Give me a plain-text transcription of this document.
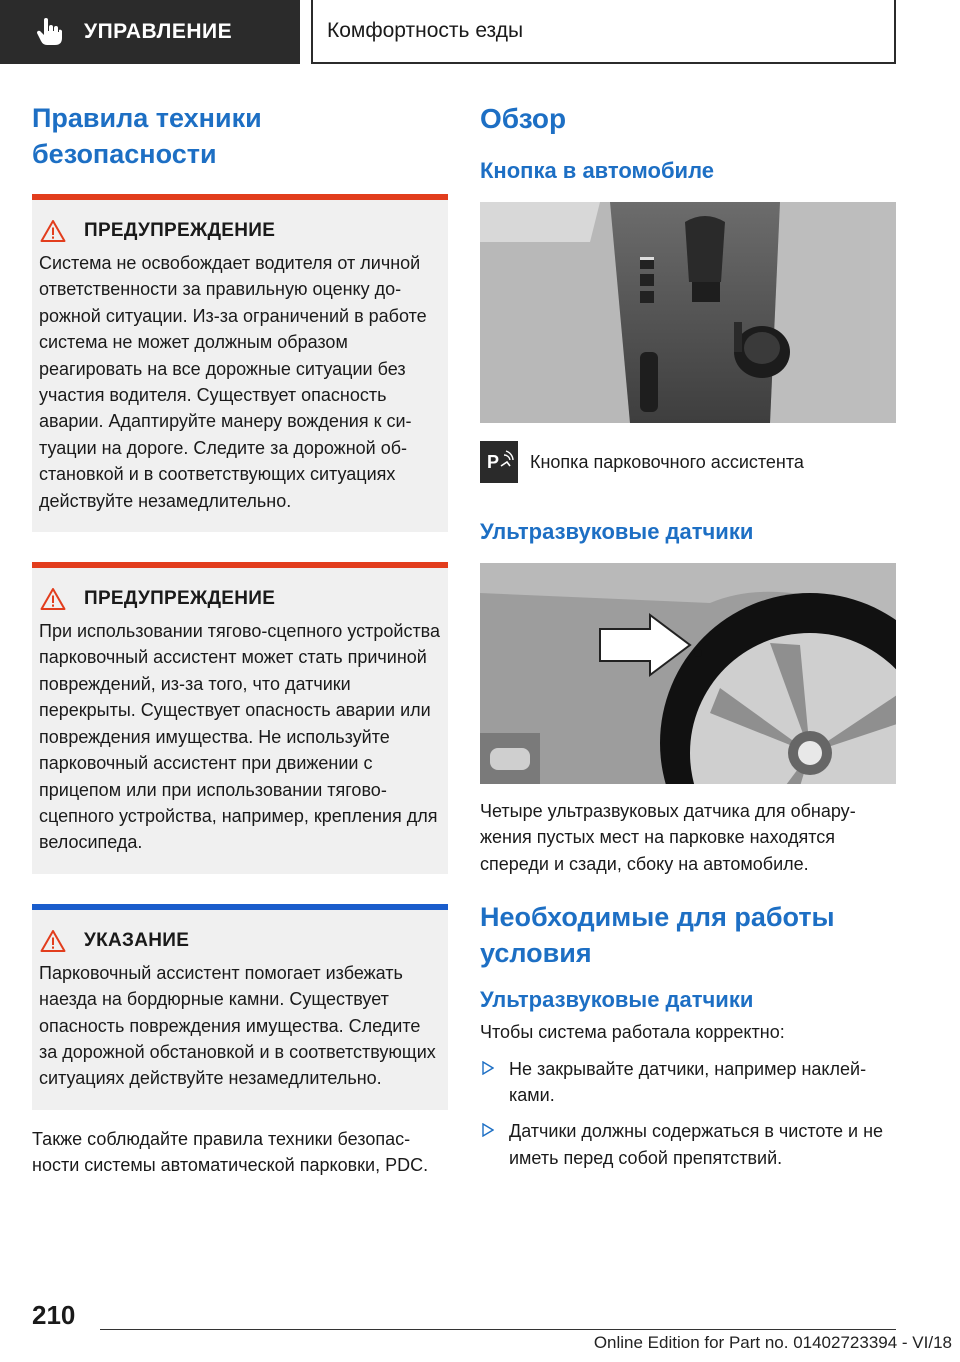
УПРАВЛЕНИЕ	Комфортность езды
Правила техники безопасности
ПРЕДУПРЕЖДЕНИЕ

Система не освобождает водителя от личной ответственности за правильную оценку дорожной ситуации. Из-за ограничений в работе система не может должным образом реагировать на все дорожные ситуации без участия водителя. Существует опасность аварии. Адаптируйте манеру вождения к ситуации на дороге. Следите за дорожной обстановкой и в соответствующих ситуациях действуйте незамедлительно.

ПРЕДУПРЕЖДЕНИЕ

При использовании тягово-сцепного устройства парковочный ассистент может стать причиной повреждений, из-за того, что датчики перекрыты. Существует опасность аварии или повреждения имущества. Не используйте парковочный ассистент при движении с прицепом или при использовании тягово-сцепного устройства, например, крепления для велосипеда.

УКАЗАНИЕ

Парковочный ассистент помогает избежать наезда на бордюрные камни. Существует опасность повреждения имущества. Следите за дорожной обстановкой и в соответствующих ситуациях действуйте незамедлительно.

Также соблюдайте правила техники безопасности системы автоматической парковки, PDC.

Обзор
Кнопка в автомобиле
P Кнопка парковочного ассистента
Ультразвуковые датчики

Четыре ультразвуковых датчика для обнаружения пустых мест на парковке находятся спереди и сзади, сбоку на автомобиле.

Необходимые для работы условия
Ультразвуковые датчики

Чтобы система работала корректно:

Не закрывайте датчики, например наклейками.
Датчики должны содержаться в чистоте и не иметь перед собой препятствий.
210
Online Edition for Part no. 01402723394 - VI/18
